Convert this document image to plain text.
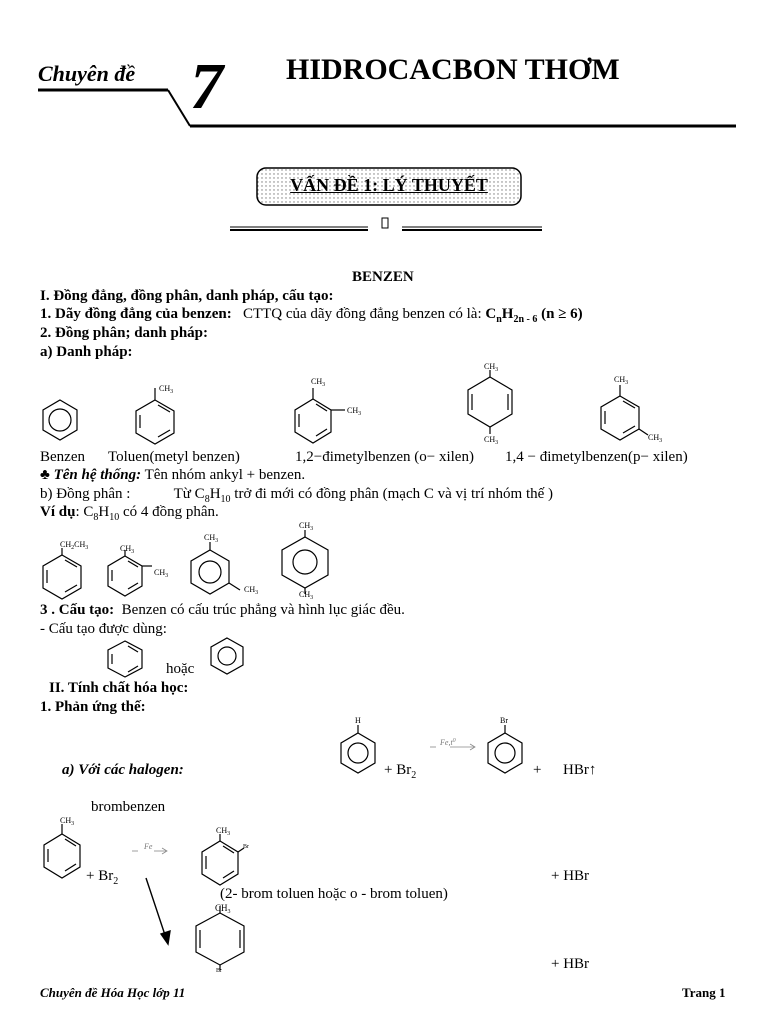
Chuyên đề 7 HIDROCACBON THƠM
VẤN ĐỀ 1: LÝ THUYẾT
BENZEN
I. Đồng đẳng, đồng phân, danh pháp, cấu tạo:
1. Dãy đồng đẳng của benzen: CTTQ của dãy đồng đẳng benzen có là: $C_nH_{2n - 6}$ (n ≥ 6)
2. Đồng phân; danh pháp:
a) Danh pháp:
$CH_3$
$CH_3$
$CH_3$
$CH_3$
$CH_3$
$CH_3$
$CH_3$
Benzen Toluen(metyl benzen)	1,2−đimetylbenzen (o− xilen) 1,4 − đimetylbenzen(p− xilen)
♣ Tên hệ thống: Tên nhóm ankyl + benzen.
b) Đồng phân :	Từ $C_8H_{10}$ trở đi mới có đồng phân (mạch C và vị trí nhóm thế )
Ví dụ: $C_8H_{10}$ có 4 đồng phân.
$CH_2CH_3$	$CH_3$
$CH_3$
$CH_3$
$CH_3$
$CH_3$
$CH_3$
3 . Cấu tạo: Benzen có cấu trúc phẳng và hình lục giác đều.
- Cấu tạo được dùng:
hoặc
II. Tính chất hóa học:
1. Phản ứng thế:
a) Với các halogen:
H	Br
$Fe,t^0$
+ $Br_2$	+ HBr↑
brombenzen
$CH_3$
Fe
$CH_3$
Br
$CH_3$
Br
+ $Br_2$	+ HBr
(2- brom toluen hoặc o - brom toluen)
+ HBr
Chuyên đề Hóa Học lớp 11	Trang 1
